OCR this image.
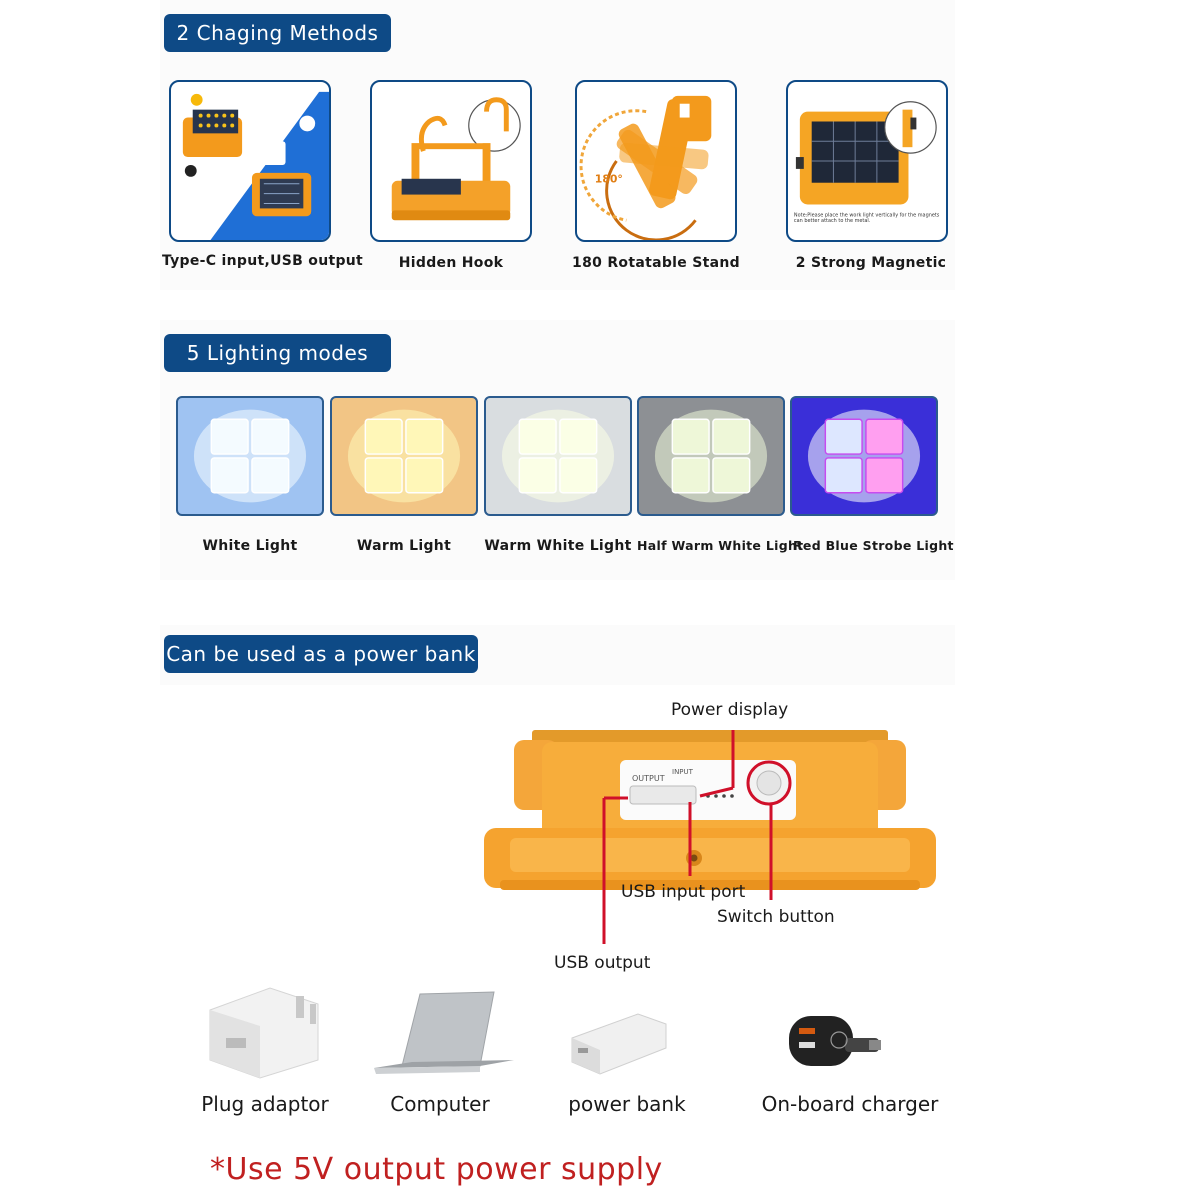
2 Chaging Methods
Type-C input,USB output	Hidden Hook
180°
180 Rotatable Stand
Note:Please place the work light vertically for the magnets can better attach to the metal.
2 Strong Magnetic
5 Lighting modes
White Light	Warm Light	Warm White Light Half Warm White Light
Red Blue Strobe Light
Can be used as a power bank
OUTPUT
INPUT
Power display
USB input port
Switch button
USB output
Plug adaptor	Computer	power bank	On-board charger
*Use 5V output power supply
